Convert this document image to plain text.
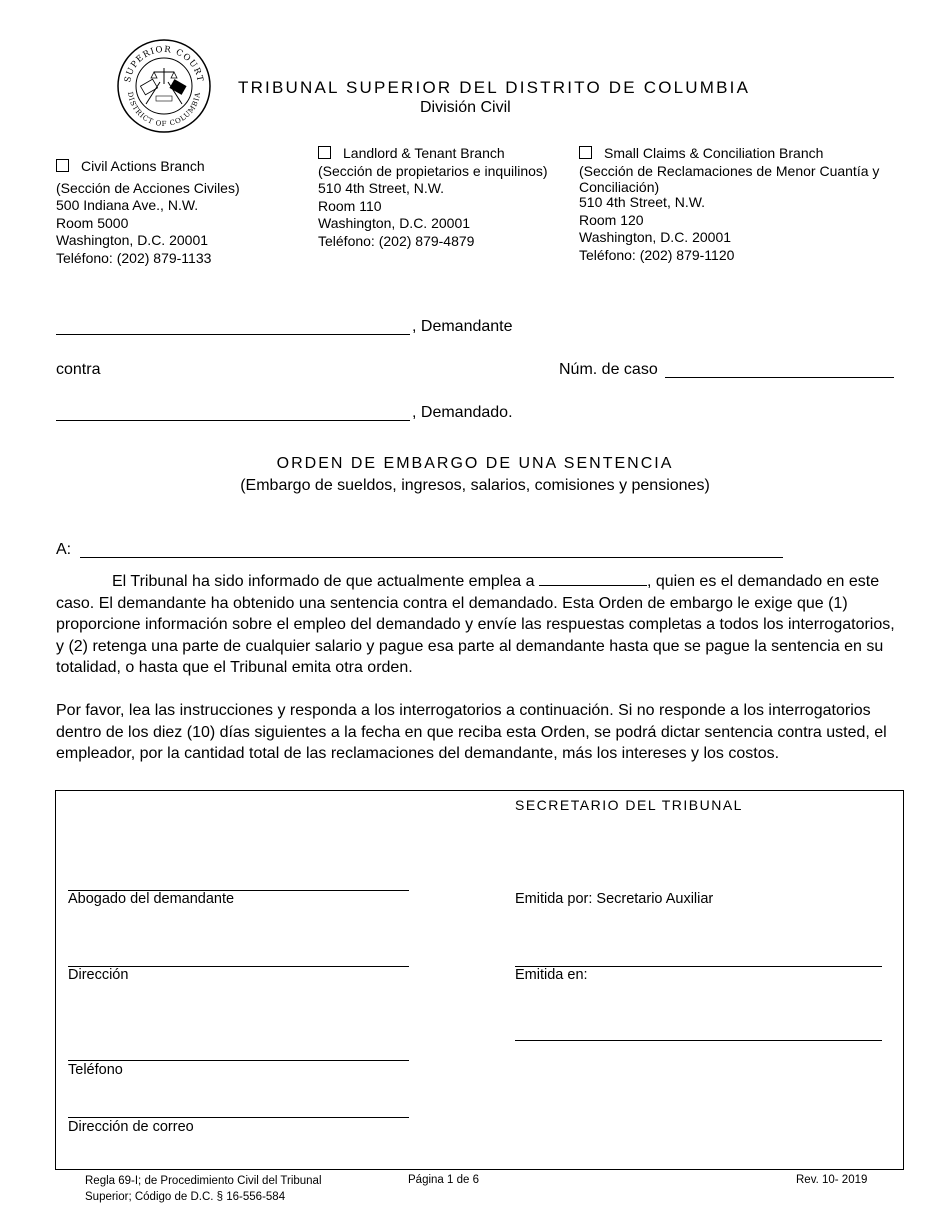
SUPERIOR COURT
DISTRICT OF COLUMBIA TRIBUNAL SUPERIOR DEL DISTRITO DE COLUMBIA
División Civil
Civil Actions Branch
(Sección de Acciones Civiles)
500 Indiana Ave., N.W.
Room 5000
Washington, D.C. 20001
Teléfono: (202) 879-1133
Landlord & Tenant Branch
(Sección de propietarios e inquilinos)
510 4th Street, N.W.
Room 110
Washington, D.C. 20001
Teléfono: (202) 879-4879
Small Claims & Conciliation Branch
(Sección de Reclamaciones de Menor Cuantía y
Conciliación)
510 4th Street, N.W.
Room 120
Washington, D.C. 20001
Teléfono: (202) 879-1120
, Demandante
contra	Núm. de caso
, Demandado.
ORDEN DE EMBARGO DE UNA SENTENCIA
(Embargo de sueldos, ingresos, salarios, comisiones y pensiones)
A:
El Tribunal ha sido informado de que actualmente emplea a	, quien es el demandado en este caso. El demandante ha obtenido una sentencia contra el demandado. Esta Orden de embargo le exige que (1) proporcione información sobre el empleo del demandado y envíe las respuestas completas a todos los interrogatorios, y (2) retenga una parte de cualquier salario y pague esa parte al demandante hasta que se pague la sentencia en su totalidad, o hasta que el Tribunal emita otra orden.
Por favor, lea las instrucciones y responda a los interrogatorios a continuación. Si no responde a los interrogatorios dentro de los diez (10) días siguientes a la fecha en que reciba esta Orden, se podrá dictar sentencia contra usted, el empleador, por la cantidad total de las reclamaciones del demandante, más los intereses y los costos.
SECRETARIO DEL TRIBUNAL
Abogado del demandante	Emitida por: Secretario Auxiliar
Dirección	Emitida en:
Teléfono
Dirección de correo
Regla 69-I; de Procedimiento Civil del Tribunal
Superior; Código de D.C. § 16-556-584
Página 1 de 6	Rev. 10- 2019
